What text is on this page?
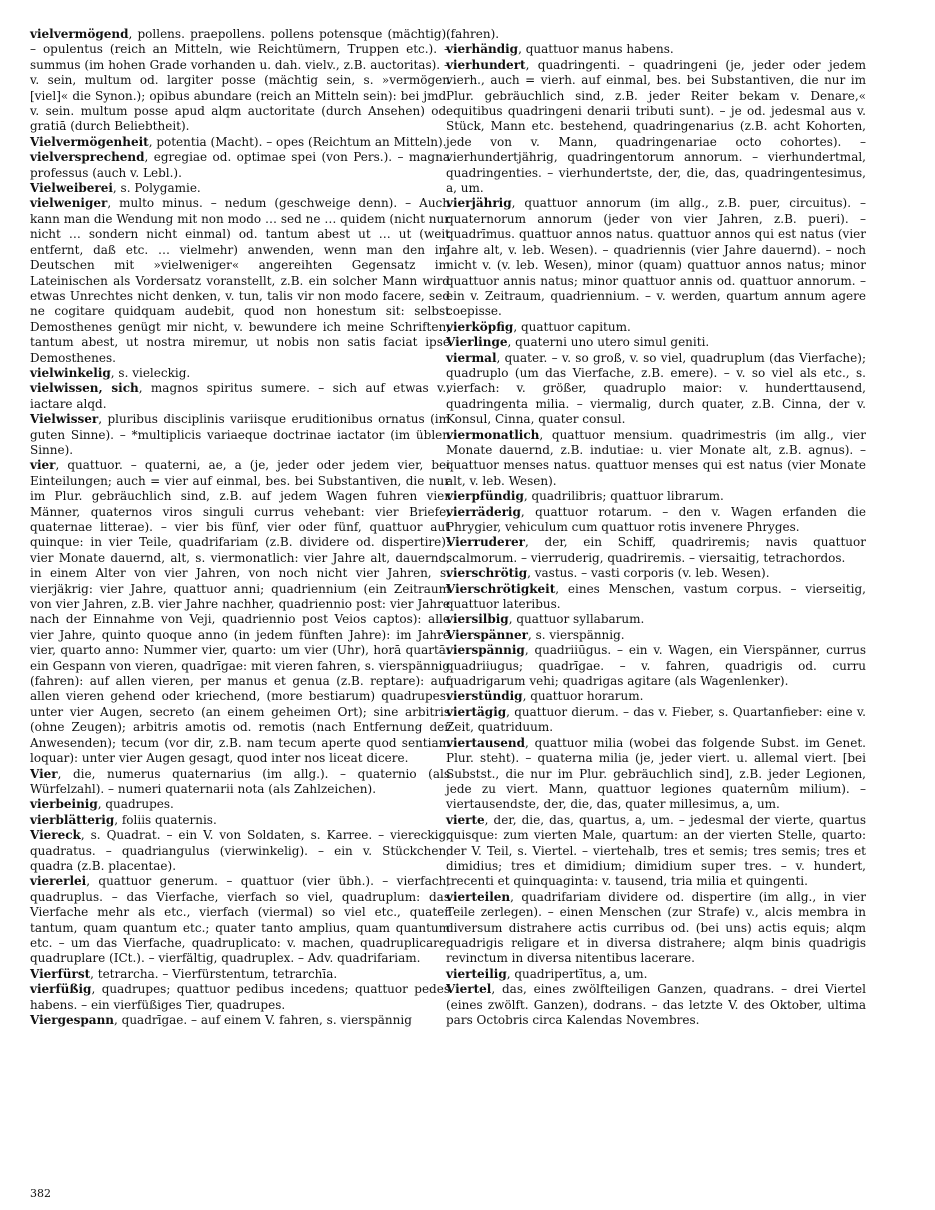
vielvermögend, pollens. praepollens. pollens potensque (mächtig). – opulentus (reich an Mitteln, wie Reichtümern, Truppen etc.). – summus (im hohen Grade vorhanden u. dah. vielv., z.B. auctoritas). – v. sein, multum od. largiter posse (mächtig sein, s. »vermögen [viel]« die Synon.); opibus abundare (reich an Mitteln sein): bei jmd. v. sein. multum posse apud alqm auctoritate (durch Ansehen) od. gratiā (durch Beliebtheit).
Vielvermögenheit, potentia (Macht). – opes (Reichtum an Mitteln).
vielversprechend, egregiae od. optimae spei (von Pers.). – magna professus (auch v. Lebl.).
Vielweiberei, s. Polygamie.
vielweniger, multo minus. – nedum (geschweige denn). – Auch kann man die Wendung mit non modo … sed ne … quidem (nicht nur nicht … sondern nicht einmal) od. tantum abest ut … ut (weit entfernt, daß etc. … vielmehr) anwenden, wenn man den im Deutschen mit »vielweniger« angereihten Gegensatz im Lateinischen als Vordersatz voranstellt, z.B. ein solcher Mann wird etwas Unrechtes nicht denken, v. tun, talis vir non modo facere, sed ne cogitare quidquam audebit, quod non honestum sit: selbst Demosthenes genügt mir nicht, v. bewundere ich meine Schriften, tantum abest, ut nostra miremur, ut nobis non satis faciat ipse Demosthenes.
vielwinkelig, s. vieleckig.
vielwissen, sich, magnos spiritus sumere. – sich auf etwas v., iactare alqd.
Vielwisser, pluribus disciplinis variisque eruditionibus ornatus (im guten Sinne). – *multiplicis variaeque doctrinae iactator (im üblen Sinne).
vier, quattuor. – quaterni, ae, a (je, jeder oder jedem vier, bei Einteilungen; auch = vier auf einmal, bes. bei Substantiven, die nur im Plur. gebräuchlich sind, z.B. auf jedem Wagen fuhren vier Männer, quaternos viros singuli currus vehebant: vier Briefe, quaternae litterae). – vier bis fünf, vier oder fünf, quattuor aut quinque: in vier Teile, quadrifariam (z.B. dividere od. dispertire): vier Monate dauernd, alt, s. viermonatlich: vier Jahre alt, dauernd, in einem Alter von vier Jahren, von noch nicht vier Jahren, s. vierjäkrig: vier Jahre, quattuor anni; quadriennium (ein Zeitraum von vier Jahren, z.B. vier Jahre nachher, quadriennio post: vier Jahre nach der Einnahme von Veji, quadriennio post Veios captos): alle vier Jahre, quinto quoque anno (in jedem fünften Jahre): im Jahre vier, quarto anno: Nummer vier, quarto: um vier (Uhr), horā quartā: ein Gespann von vieren, quadrīgae: mit vieren fahren, s. vierspännig (fahren): auf allen vieren, per manus et genua (z.B. reptare): auf allen vieren gehend oder kriechend, (more bestiarum) quadrupes: unter vier Augen, secreto (an einem geheimen Ort); sine arbitris (ohne Zeugen); arbitris amotis od. remotis (nach Entfernung der Anwesenden); tecum (vor dir, z.B. nam tecum aperte quod sentiam loquar): unter vier Augen gesagt, quod inter nos liceat dicere.
Vier, die, numerus quaternarius (im allg.). – quaternio (als Würfelzahl). – numeri quaternarii nota (als Zahlzeichen).
vierbeinig, quadrupes.
vierblätterig, foliis quaternis.
Viereck, s. Quadrat. – ein V. von Soldaten, s. Karree. – viereckig, quadratus. – quadriangulus (vierwinkelig). – ein v. Stückchen, quadra (z.B. placentae).
viererlei, quattuor generum. – quattuor (vier übh.). – vierfach, quadruplus. – das Vierfache, vierfach so viel, quadruplum: das Vierfache mehr als etc., vierfach (viermal) so viel etc., quater tantum, quam quantum etc.; quater tanto amplius, quam quantum etc. – um das Vierfache, quadruplicato: v. machen, quadruplicare; quadruplare (ICt.). – vierfältig, quadruplex. – Adv. quadrifariam.
Vierfürst, tetrarcha. – Vierfürstentum, tetrarchīa.
vierfüßig, quadrupes; quattuor pedibus incedens; quattuor pedes habens. – ein vierfüßiges Tier, quadrupes.
Viergespann, quadrīgae. – auf einem V. fahren, s. vierspännig
(fahren).
vierhändig, quattuor manus habens.
vierhundert, quadringenti. – quadringeni (je, jeder oder jedem vierh., auch = vierh. auf einmal, bes. bei Substantiven, die nur im Plur. gebräuchlich sind, z.B. jeder Reiter bekam v. Denare,« equitibus quadringeni denarii tributi sunt). – je od. jedesmal aus v. Stück, Mann etc. bestehend, quadringenarius (z.B. acht Kohorten, jede von v. Mann, quadringenariae octo cohortes). – vierhundertjährig, quadringentorum annorum. – vierhundertmal, quadringenties. – vierhundertste, der, die, das, quadringentesimus, a, um.
vierjährig, quattuor annorum (im allg., z.B. puer, circuitus). – quaternorum annorum (jeder von vier Jahren, z.B. pueri). – quadrīmus. quattuor annos natus. quattuor annos qui est natus (vier Jahre alt, v. leb. Wesen). – quadriennis (vier Jahre dauernd). – noch nicht v. (v. leb. Wesen), minor (quam) quattuor annos natus; minor quattuor annis natus; minor quattuor annis od. quattuor annorum. – ein v. Zeitraum, quadriennium. – v. werden, quartum annum agere coepisse.
vierköpfig, quattuor capitum.
Vierlinge, quaterni uno utero simul geniti.
viermal, quater. – v. so groß, v. so viel, quadruplum (das Vierfache); quadruplo (um das Vierfache, z.B. emere). – v. so viel als etc., s. vierfach: v. größer, quadruplo maior: v. hunderttausend, quadringenta milia. – viermalig, durch quater, z.B. Cinna, der v. Konsul, Cinna, quater consul.
viermonatlich, quattuor mensium. quadrimestris (im allg., vier Monate dauernd, z.B. indutiae: u. vier Monate alt, z.B. agnus). – quattuor menses natus. quattuor menses qui est natus (vier Monate alt, v. leb. Wesen).
vierpfündig, quadrilibris; quattuor librarum.
vierräderig, quattuor rotarum. – den v. Wagen erfanden die Phrygier, vehiculum cum quattuor rotis invenere Phryges.
Vierruderer, der, ein Schiff, quadriremis; navis quattuor scalmorum. – vierruderig, quadriremis. – viersaitig, tetrachordos.
vierschrötig, vastus. – vasti corporis (v. leb. Wesen).
Vierschrötigkeit, eines Menschen, vastum corpus. – vierseitig, quattuor lateribus.
viersilbig, quattuor syllabarum.
Vierspänner, s. vierspännig.
vierspännig, quadriiūgus. – ein v. Wagen, ein Vierspänner, currus quadriiugus; quadrīgae. – v. fahren, quadrigis od. curru quadrigarum vehi; quadrigas agitare (als Wagenlenker).
vierstündig, quattuor horarum.
viertägig, quattuor dierum. – das v. Fieber, s. Quartanfieber: eine v. Zeit, quatriduum.
viertausend, quattuor milia (wobei das folgende Subst. im Genet. Plur. steht). – quaterna milia (je, jeder viert. u. allemal viert. [bei Substst., die nur im Plur. gebräuchlich sind], z.B. jeder Legionen, jede zu viert. Mann, quattuor legiones quaternûm milium). – viertausendste, der, die, das, quater millesimus, a, um.
vierte, der, die, das, quartus, a, um. – jedesmal der vierte, quartus quisque: zum vierten Male, quartum: an der vierten Stelle, quarto: der V. Teil, s. Viertel. – viertehalb, tres et semis; tres semis; tres et dimidius; tres et dimidium; dimidium super tres. – v. hundert, trecenti et quinquaginta: v. tausend, tria milia et quingenti.
vierteilen, quadrifariam dividere od. dispertire (im allg., in vier Teile zerlegen). – einen Menschen (zur Strafe) v., alcis membra in diversum distrahere actis curribus od. (bei uns) actis equis; alqm quadrigis religare et in diversa distrahere; alqm binis quadrigis revinctum in diversa nitentibus lacerare.
vierteilig, quadripertītus, a, um.
Viertel, das, eines zwölfteiligen Ganzen, quadrans. – drei Viertel (eines zwölft. Ganzen), dodrans. – das letzte V. des Oktober, ultima pars Octobris circa Kalendas Novembres.
382
